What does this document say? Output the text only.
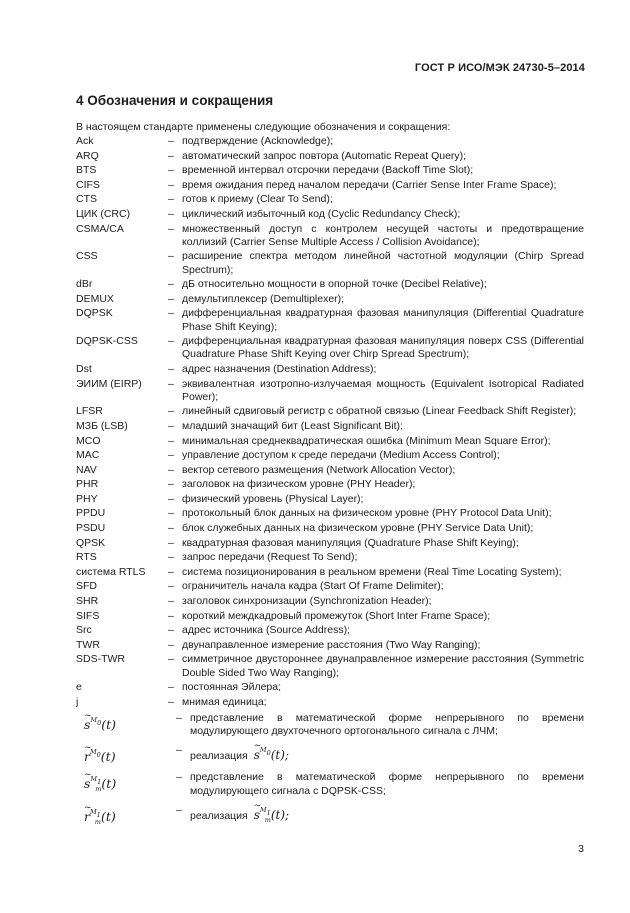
ГОСТ Р ИСО/МЭК 24730-5–2014
4 Обозначения и сокращения
В настоящем стандарте применены следующие обозначения и сокращения:
Ack	– подтверждение (Acknowledge);
ARQ	– автоматический запрос повтора (Automatic Repeat Query);
BTS	– временной интервал отсрочки передачи (Backoff Time Slot);
CIFS	– время ожидания перед началом передачи (Carrier Sense Inter Frame Space);
CTS	– готов к приему (Clear To Send);
ЦИК (CRC)	– циклический избыточный код (Cyclic Redundancy Check);
CSMA/CA	– множественный доступ с контролем несущей частоты и предотвращение коллизий (Carrier Sense Multiple Access / Collision Avoidance);
CSS	– расширение спектра методом линейной частотной модуляции (Chirp Spread Spectrum);
dBr	– дБ относительно мощности в опорной точке (Decibel Relative);
DEMUX	– демультиплексер (Demultiplexer);
DQPSK	– дифференциальная квадратурная фазовая манипуляция (Differential Quadrature Phase Shift Keying);
DQPSK-CSS	– дифференциальная квадратурная фазовая манипуляция поверх CSS (Differential Quadrature Phase Shift Keying over Chirp Spread Spectrum);
Dst	– адрес назначения (Destination Address);
ЭИИМ (EIRP)	– эквивалентная изотропно-излучаемая мощность (Equivalent Isotropical Radiated Power);
LFSR	– линейный сдвиговый регистр с обратной связью (Linear Feedback Shift Register);
МЗБ (LSB)	– младший значащий бит (Least Significant Bit);
MCO	– минимальная среднеквадратическая ошибка (Minimum Mean Square Error);
MAC	– управление доступом к среде передачи (Medium Access Control);
NAV	– вектор сетевого размещения (Network Allocation Vector);
PHR	– заголовок на физическом уровне (PHY Header);
PHY	– физический уровень (Physical Layer);
PPDU	– протокольный блок данных на физическом уровне (PHY Protocol Data Unit);
PSDU	– блок служебных данных на физическом уровне (PHY Service Data Unit);
QPSK	– квадратурная фазовая манипуляция (Quadrature Phase Shift Keying);
RTS	– запрос передачи (Request To Send);
система RTLS	– система позиционирования в реальном времени (Real Time Locating System);
SFD	– ограничитель начала кадра (Start Of Frame Delimiter);
SHR	– заголовок синхронизации (Synchronization Header);
SIFS	– короткий междкадровый промежуток (Short Inter Frame Space);
Src	– адрес источника (Source Address);
TWR	– двунаправленное измерение расстояния (Two Way Ranging);
SDS-TWR	– симметричное двустороннее двунаправленное измерение расстояния (Symmetric Double Sided Two Way Ranging);
e	– постоянная Эйлера;
j	– мнимая единица;
~ $s^{M_0}(t)$	– представление в математической форме непрерывного по времени модулирующего двухточечного ортогонального сигнала с ЛЧМ;
~ $r^{M_0}(t)$	– реализация ~ $s^{M_0}(t)$;
~ $s^{M_1}_m(t)$	– представление в математической форме непрерывного по времени модулирующего сигнала с DQPSK-CSS;
~ $r^{M_1}_m(t)$	– реализация ~ $s^{M_1}_m(t)$;
3
